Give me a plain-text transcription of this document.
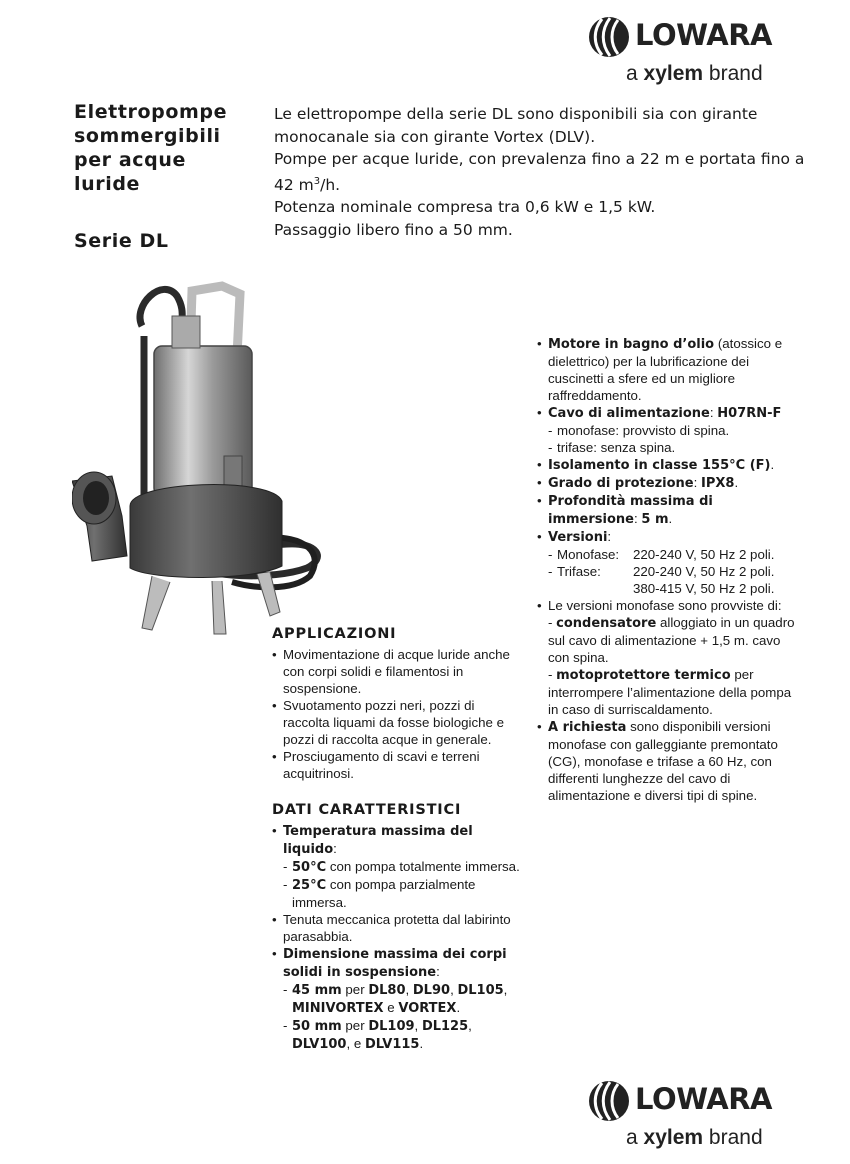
LOWARA
a xylem brand
Elettropompe
sommergibili
per acque
luride
Serie DL

Le elettropompe della serie DL sono disponibili sia con girante monocanale sia con girante Vortex (DLV).

Pompe per acque luride, con prevalenza fino a 22 m e portata fino a 42 $m^3/h$.

Potenza nominale compresa tra 0,6 kW e 1,5 kW.

Passaggio libero fino a 50 mm.

APPLICAZIONI
• Movimentazione di acque luride anche con corpi solidi e filamentosi in sospensione.
• Svuotamento pozzi neri, pozzi di raccolta liquami da fosse biologiche e pozzi di raccolta acque in generale.
• Prosciugamento di scavi e terreni acquitrinosi.
DATI CARATTERISTICI
• Temperatura massima del liquido:
- 50°C con pompa totalmente immersa.
- 25°C con pompa parzialmente immersa.
• Tenuta meccanica protetta dal labirinto parasabbia.
• Dimensione massima dei corpi solidi in sospensione:
- 45 mm per DL80, DL90, DL105, MINIVORTEX e VORTEX.
- 50 mm per DL109, DL125, DLV100, e DLV115.
• Motore in bagno d’olio (atossico e dielettrico) per la lubrificazione dei cuscinetti a sfere ed un migliore raffreddamento.
• Cavo di alimentazione: H07RN-F
- monofase: provvisto di spina.
- trifase: senza spina.
• Isolamento in classe 155°C (F).
• Grado di protezione: IPX8.
• Profondità massima di immersione: 5 m.
• Versioni:
- Monofase:	220-240 V, 50 Hz 2 poli.
- Trifase:	220-240 V, 50 Hz 2 poli.
380-415 V, 50 Hz 2 poli.
• Le versioni monofase sono provviste di:
- condensatore alloggiato in un quadro sul cavo di alimentazione + 1,5 m. cavo con spina.
- motoprotettore termico per interrompere l’alimentazione della pompa in caso di surriscaldamento.
• A richiesta sono disponibili versioni monofase con galleggiante premontato (CG), monofase e trifase a 60 Hz, con differenti lunghezze del cavo di alimentazione e diversi tipi di spine.
LOWARA
a xylem brand
